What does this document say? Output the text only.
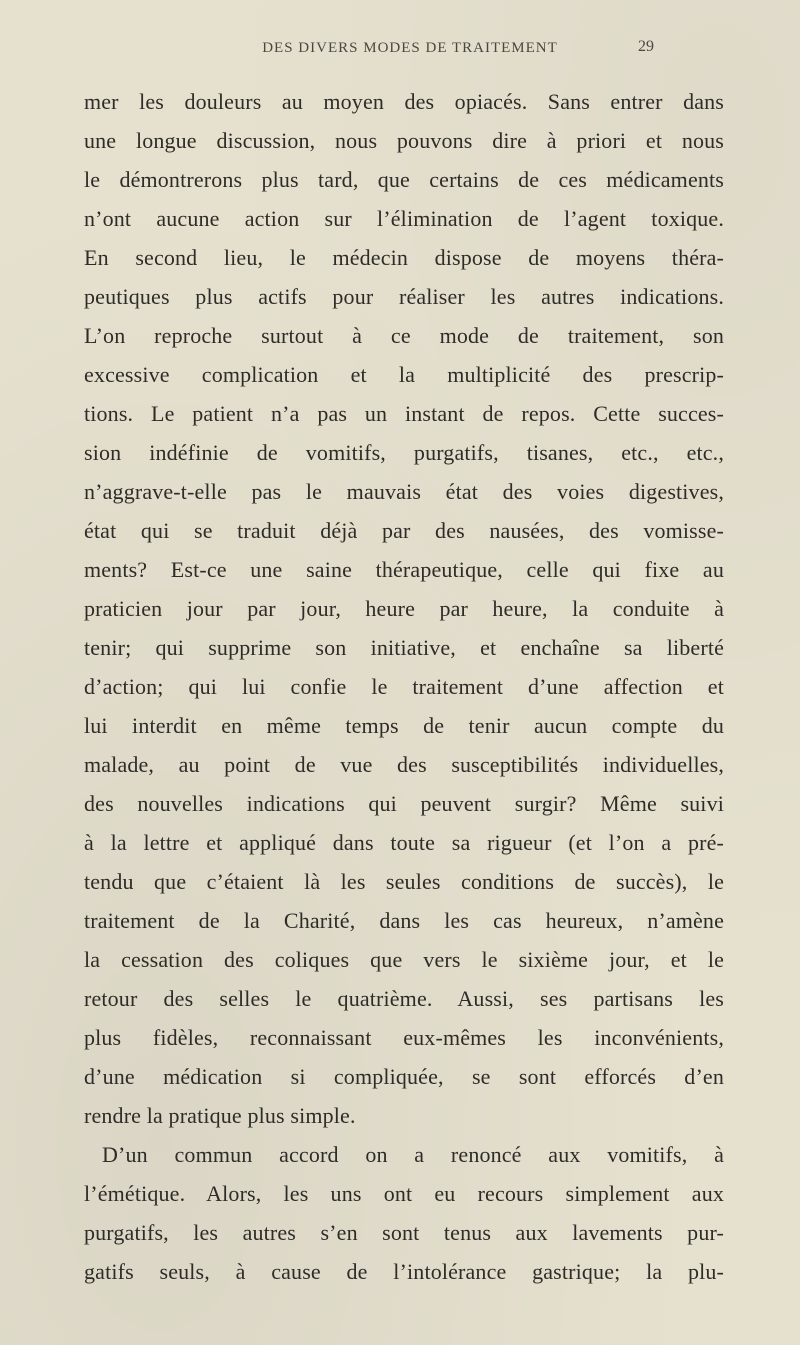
DES DIVERS MODES DE TRAITEMENT	29
mer les douleurs au moyen des opiacés. Sans entrer dans
une longue discussion, nous pouvons dire à priori et nous
le démontrerons plus tard, que certains de ces médicaments
n’ont aucune action sur l’élimination de l’agent toxique.
En second lieu, le médecin dispose de moyens théra-
peutiques plus actifs pour réaliser les autres indications.
L’on reproche surtout à ce mode de traitement, son
excessive complication et la multiplicité des prescrip-
tions. Le patient n’a pas un instant de repos. Cette succes-
sion indéfinie de vomitifs, purgatifs, tisanes, etc., etc.,
n’aggrave-t-elle pas le mauvais état des voies digestives,
état qui se traduit déjà par des nausées, des vomisse-
ments? Est-ce une saine thérapeutique, celle qui fixe au
praticien jour par jour, heure par heure, la conduite à
tenir; qui supprime son initiative, et enchaîne sa liberté
d’action; qui lui confie le traitement d’une affection et
lui interdit en même temps de tenir aucun compte du
malade, au point de vue des susceptibilités individuelles,
des nouvelles indications qui peuvent surgir? Même suivi
à la lettre et appliqué dans toute sa rigueur (et l’on a pré-
tendu que c’étaient là les seules conditions de succès), le
traitement de la Charité, dans les cas heureux, n’amène
la cessation des coliques que vers le sixième jour, et le
retour des selles le quatrième. Aussi, ses partisans les
plus fidèles, reconnaissant eux-mêmes les inconvénients,
d’une médication si compliquée, se sont efforcés d’en
rendre la pratique plus simple.
D’un commun accord on a renoncé aux vomitifs, à
l’émétique. Alors, les uns ont eu recours simplement aux
purgatifs, les autres s’en sont tenus aux lavements pur-
gatifs seuls, à cause de l’intolérance gastrique; la plu-
